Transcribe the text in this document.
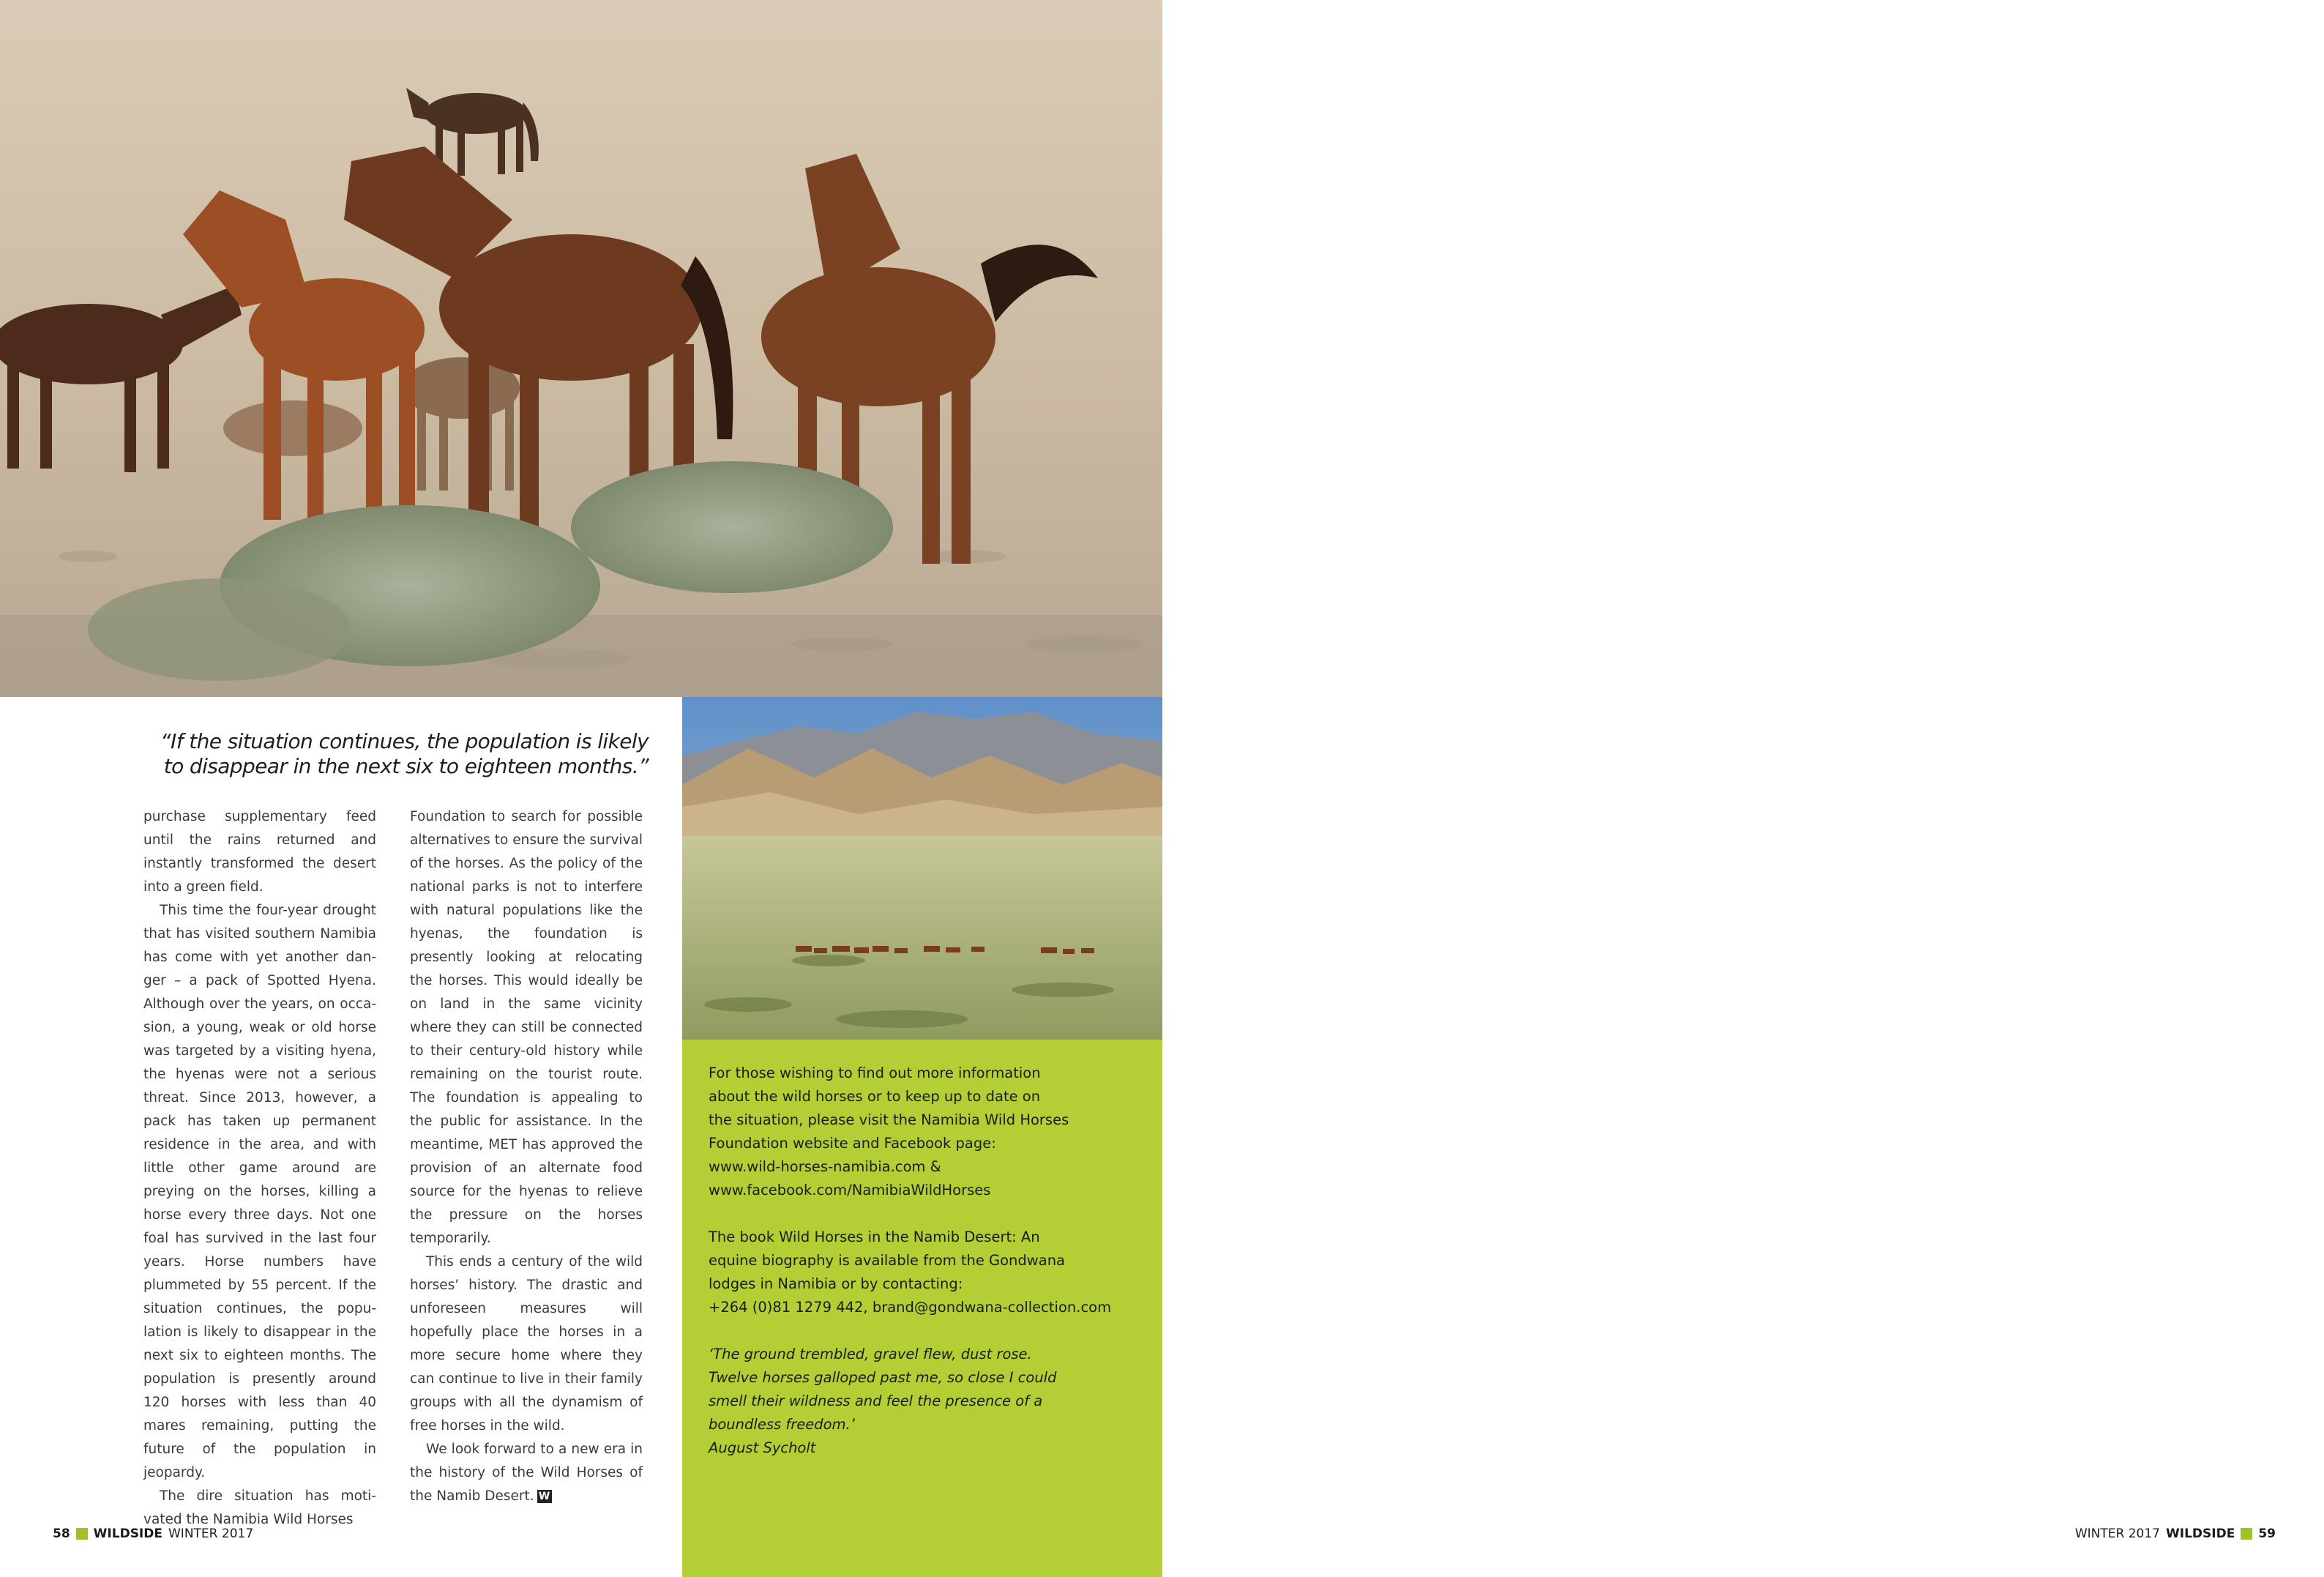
“If the situation continues, the population is likely
to disappear in the next six to eighteen months.”

purchase supplementary feed until the rains returned and instantly transformed the desert into a green field.

This time the four-year drought that has visited southern Namibia has come with yet another danger – a pack of Spotted Hyena. Although over the years, on occasion, a young, weak or old horse was targeted by a visiting hyena, the hyenas were not a serious threat. Since 2013, however, a pack has taken up permanent residence in the area, and with little other game around are preying on the horses, killing a horse every three days. Not one foal has survived in the last four years. Horse numbers have plummeted by 55 percent. If the situation continues, the population is likely to disappear in the next six to eighteen months. The population is presently around 120 horses with less than 40 mares remaining, putting the future of the population in jeopardy.

The dire situation has motivated the Namibia Wild Horses

Foundation to search for possible alternatives to ensure the survival of the horses. As the policy of the national parks is not to interfere with natural populations like the hyenas, the foundation is presently looking at relocating the horses. This would ideally be on land in the same vicinity where they can still be connected to their century-old history while remaining on the tourist route. The foundation is appealing to the public for assistance. In the meantime, MET has approved the provision of an alternate food source for the hyenas to relieve the pressure on the horses temporarily.

This ends a century of the wild horses’ history. The drastic and unforeseen measures will hopefully place the horses in a more secure home where they can continue to live in their family groups with all the dynamism of free horses in the wild.

We look forward to a new era in the history of the Wild Horses of the Namib Desert. W

For those wishing to find out more information

about the wild horses or to keep up to date on

the situation, please visit the Namibia Wild Horses

Foundation website and Facebook page:

www.wild-horses-namibia.com &

www.facebook.com/NamibiaWildHorses

The book Wild Horses in the Namib Desert: An

equine biography is available from the Gondwana

lodges in Namibia or by contacting:

+264 (0)81 1279 442, brand@gondwana-collection.com

‘The ground trembled, gravel flew, dust rose.

Twelve horses galloped past me, so close I could

smell their wildness and feel the presence of a

boundless freedom.’

August Sycholt

58 WILDSIDE WINTER 2017	WINTER 2017 WILDSIDE 59
